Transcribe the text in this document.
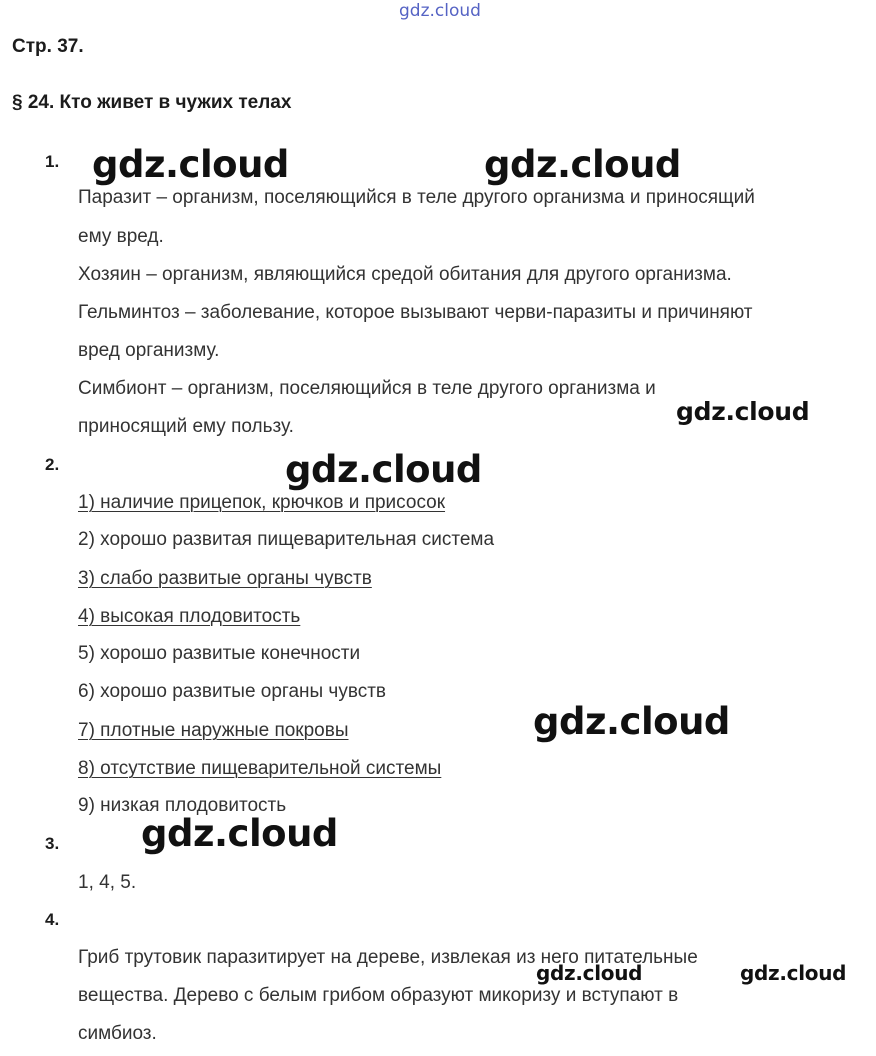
gdz.cloud
Стр. 37.
§ 24. Кто живет в чужих телах
1.
Паразит – организм, поселяющийся в теле другого организма и приносящий
ему вред.
Хозяин – организм, являющийся средой обитания для другого организма.
Гельминтоз – заболевание, которое вызывают черви-паразиты и причиняют
вред организму.
Симбионт – организм, поселяющийся в теле другого организма и
приносящий ему пользу.
2.
1) наличие прицепок, крючков и присосок
2) хорошо развитая пищеварительная система
3) слабо развитые органы чувств
4) высокая плодовитость
5) хорошо развитые конечности
6) хорошо развитые органы чувств
7) плотные наружные покровы
8) отсутствие пищеварительной системы
9) низкая плодовитость
3.
1, 4, 5.
4.
Гриб трутовик паразитирует на дереве, извлекая из него питательные
вещества. Дерево с белым грибом образуют микоризу и вступают в
симбиоз.
gdz.cloud	gdz.cloud
gdz.cloud
gdz.cloud
gdz.cloud
gdz.cloud
gdz.cloud	gdz.cloud
